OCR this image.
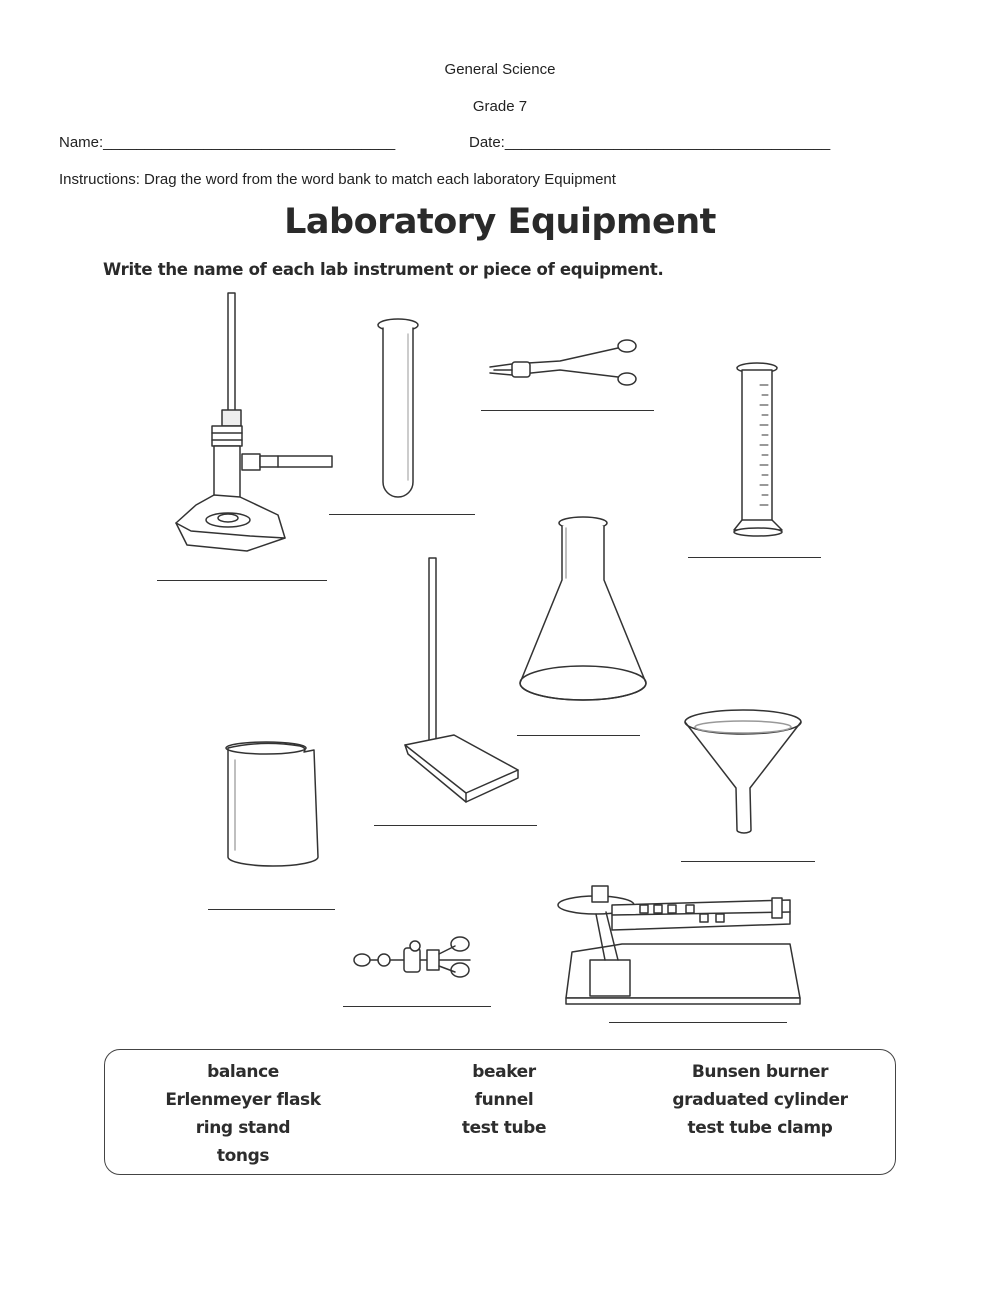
General Science
Grade 7
Name:___________________________________	Date:_______________________________________
Instructions: Drag the word from the word bank to match each laboratory Equipment
Laboratory Equipment
Write the name of each lab instrument or piece of equipment.
balance
Erlenmeyer flask
ring stand
tongs
beaker
funnel
test tube
Bunsen burner
graduated cylinder
test tube clamp
